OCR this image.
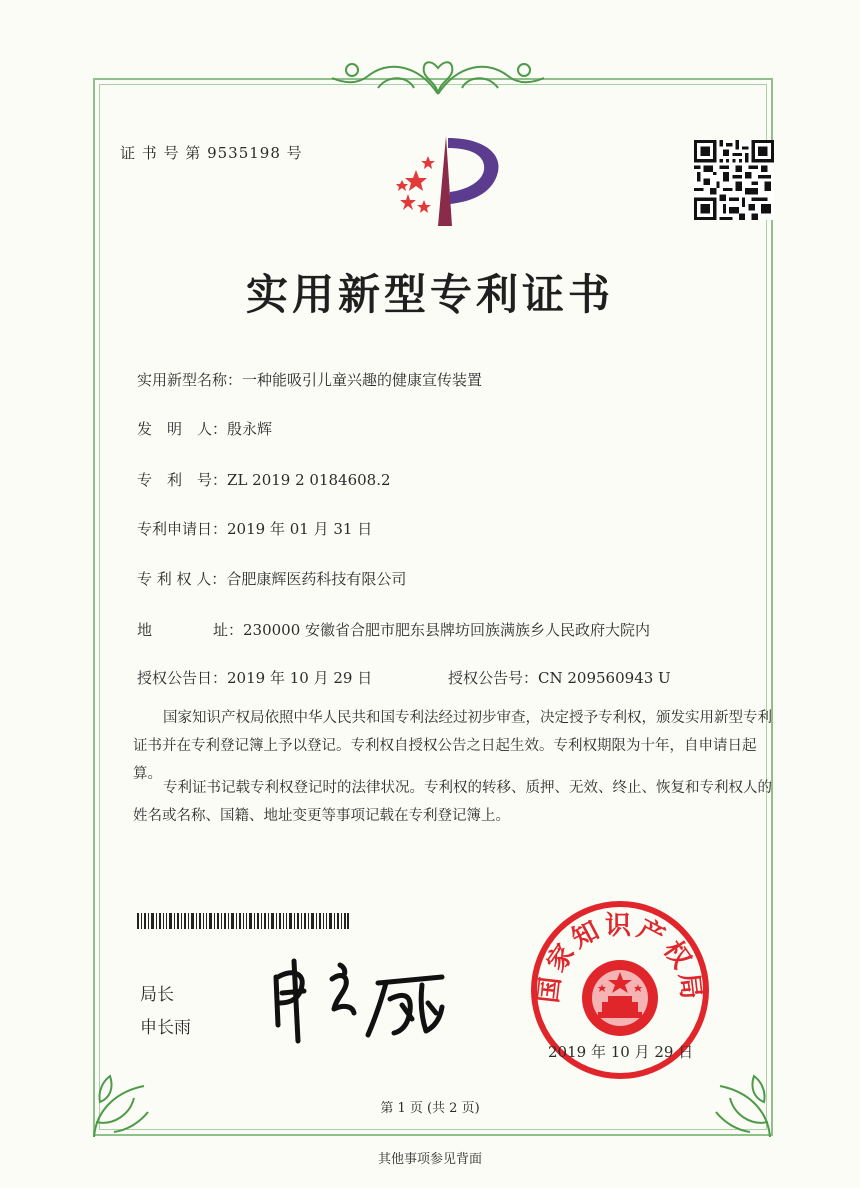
证 书 号 第 9535198 号
实用新型专利证书
实用新型名称：一种能吸引儿童兴趣的健康宣传装置
发　明　人：殷永辉
专　利　号：ZL 2019 2 0184608.2
专利申请日：2019 年 01 月 31 日
专 利 权 人：合肥康辉医药科技有限公司
地	址： 230000 安徽省合肥市肥东县牌坊回族满族乡人民政府大院内
授权公告日：2019 年 10 月 29 日	授权公告号：CN 209560943 U
国家知识产权局依照中华人民共和国专利法经过初步审查，决定授予专利权，颁发实用新型专利证书并在专利登记簿上予以登记。专利权自授权公告之日起生效。专利权期限为十年，自申请日起算。
专利证书记载专利权登记时的法律状况。专利权的转移、质押、无效、终止、恢复和专利权人的姓名或名称、国籍、地址变更等事项记载在专利登记簿上。
局长
申长雨
国家知识产权局
2019 年 10 月 29 日
第 1 页 (共 2 页)
其他事项参见背面
